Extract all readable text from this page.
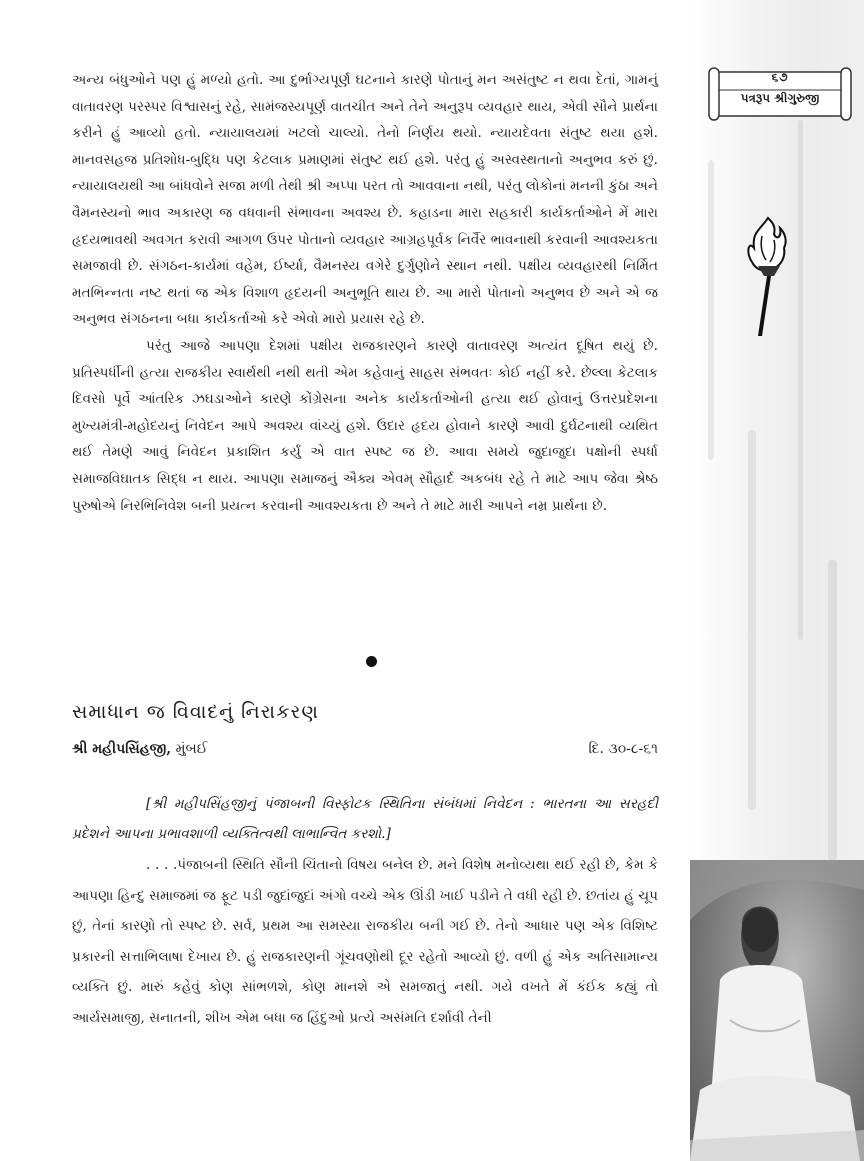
૬૭
પત્રરૂપ શ્રીગુરુજી

અન્ય બંધુઓને પણ હું મળ્યો હતો. આ દુર્ભાગ્યપૂર્ણ ઘટનાને કારણે પોતાનું મન અસંતુષ્ટ ન થવા દેતાં, ગામનું વાતાવરણ પરસ્પર વિશ્વાસનું રહે, સામંજસ્યપૂર્ણ વાતચીત અને તેને અનુરૂપ વ્યવહાર થાય, એવી સૌને પ્રાર્થના કરીને હું આવ્યો હતો. ન્યાયાલયમાં ખટલો ચાલ્યો. તેનો નિર્ણય થયો. ન્યાયદેવતા સંતુષ્ટ થયા હશે. માનવસહજ પ્રતિશોધ-બુદ્ધિ પણ કેટલાક પ્રમાણમાં સંતુષ્ટ થઈ હશે. પરંતુ હું અસ્વસ્થતાનો અનુભવ કરું છું. ન્યાયાલયથી આ બાંધવોને સજા મળી તેથી શ્રી અપ્પા પરત તો આવવાના નથી, પરંતુ લોકોનાં મનની કુંઠા અને વૈમનસ્યનો ભાવ અકારણ જ વધવાની સંભાવના અવશ્ય છે. કહાડના મારા સહકારી કાર્યકર્તાઓને મેં મારા હૃદયભાવથી અવગત કરાવી આગળ ઉપર પોતાનો વ્યવહાર આગ્રહપૂર્વક નિર્વૈર ભાવનાથી કરવાની આવશ્યકતા સમજાવી છે. સંગઠન-કાર્યમાં વહેમ, ઈર્ષ્યા, વૈમનસ્ય વગેરે દુર્ગુણોને સ્થાન નથી. પક્ષીય વ્યવહારથી નિર્મિત મતભિન્નતા નષ્ટ થતાં જ એક વિશાળ હૃદયની અનુભૂતિ થાય છે. આ મારો પોતાનો અનુભવ છે અને એ જ અનુભવ સંગઠનના બધા કાર્યકર્તાઓ કરે એવો મારો પ્રયાસ રહે છે.

પરંતુ આજે આપણા દેશમાં પક્ષીય રાજકારણને કારણે વાતાવરણ અત્યંત દૂષિત થયું છે. પ્રતિસ્પર્ધીની હત્યા રાજકીય સ્વાર્થથી નથી થતી એમ કહેવાનું સાહસ સંભવતઃ કોઈ નહીં કરે. છેલ્લા કેટલાક દિવસો પૂર્વે આંતરિક ઝઘડાઓને કારણે કોંગ્રેસના અનેક કાર્યકર્તાઓની હત્યા થઈ હોવાનું ઉત્તરપ્રદેશના મુખ્યમંત્રી-મહોદયનું નિવેદન આપે અવશ્ય વાંચ્યું હશે. ઉદાર હૃદય હોવાને કારણે આવી દુર્ઘટનાથી વ્યથિત થઈ તેમણે આવું નિવેદન પ્રકાશિત કર્યું એ વાત સ્પષ્ટ જ છે. આવા સમયે જુદાજુદા પક્ષોની સ્પર્ધા સમાજવિઘાતક સિદ્ધ ન થાય. આપણા સમાજનું ઐક્ય એવમ્ સૌહાર્દ અકબંધ રહે તે માટે આપ જેવા શ્રેષ્ઠ પુરુષોએ નિરભિનિવેશ બની પ્રયત્ન કરવાની આવશ્યકતા છે અને તે માટે મારી આપને નમ્ર પ્રાર્થના છે.

સમાધાન જ વિવાદનું નિરાકરણ
શ્રી મહીપસિંહજી, મુંબઈ	દિ. ૩૦-૮-૬૧

[શ્રી મહીપસિંહજીનું પંજાબની વિસ્ફોટક સ્થિતિના સંબંધમાં નિવેદન : ભારતના આ સરહદી પ્રદેશને આપના પ્રભાવશાળી વ્યક્તિત્વથી લાભાન્વિત કરશો.]

. . . .પંજાબની સ્થિતિ સૌની ચિંતાનો વિષય બનેલ છે. મને વિશેષ મનોવ્યથા થઈ રહી છે, કેમ કે આપણા હિન્દુ સમાજમાં જ ફૂટ પડી જુદાંજુદાં અંગો વચ્ચે એક ઊંડી ખાઈ પડીને તે વધી રહી છે. છતાંય હું ચૂપ છું, તેનાં કારણો તો સ્પષ્ટ છે. સર્વ, પ્રથમ આ સમસ્યા રાજકીય બની ગઈ છે. તેનો આધાર પણ એક વિશિષ્ટ પ્રકારની સત્તાભિલાષા દેખાય છે. હું રાજકારણની ગૂંચવણોથી દૂર રહેતો આવ્યો છું. વળી હું એક અતિસામાન્ય વ્યક્તિ છું. મારું કહેવું કોણ સાંભળશે, કોણ માનશે એ સમજાતું નથી. ગયે વખતે મેં કંઈક કહ્યું તો આર્યસમાજી, સનાતની, શીખ એમ બધા જ હિંદુઓ પ્રત્યે અસંમતિ દર્શાવી તેની
